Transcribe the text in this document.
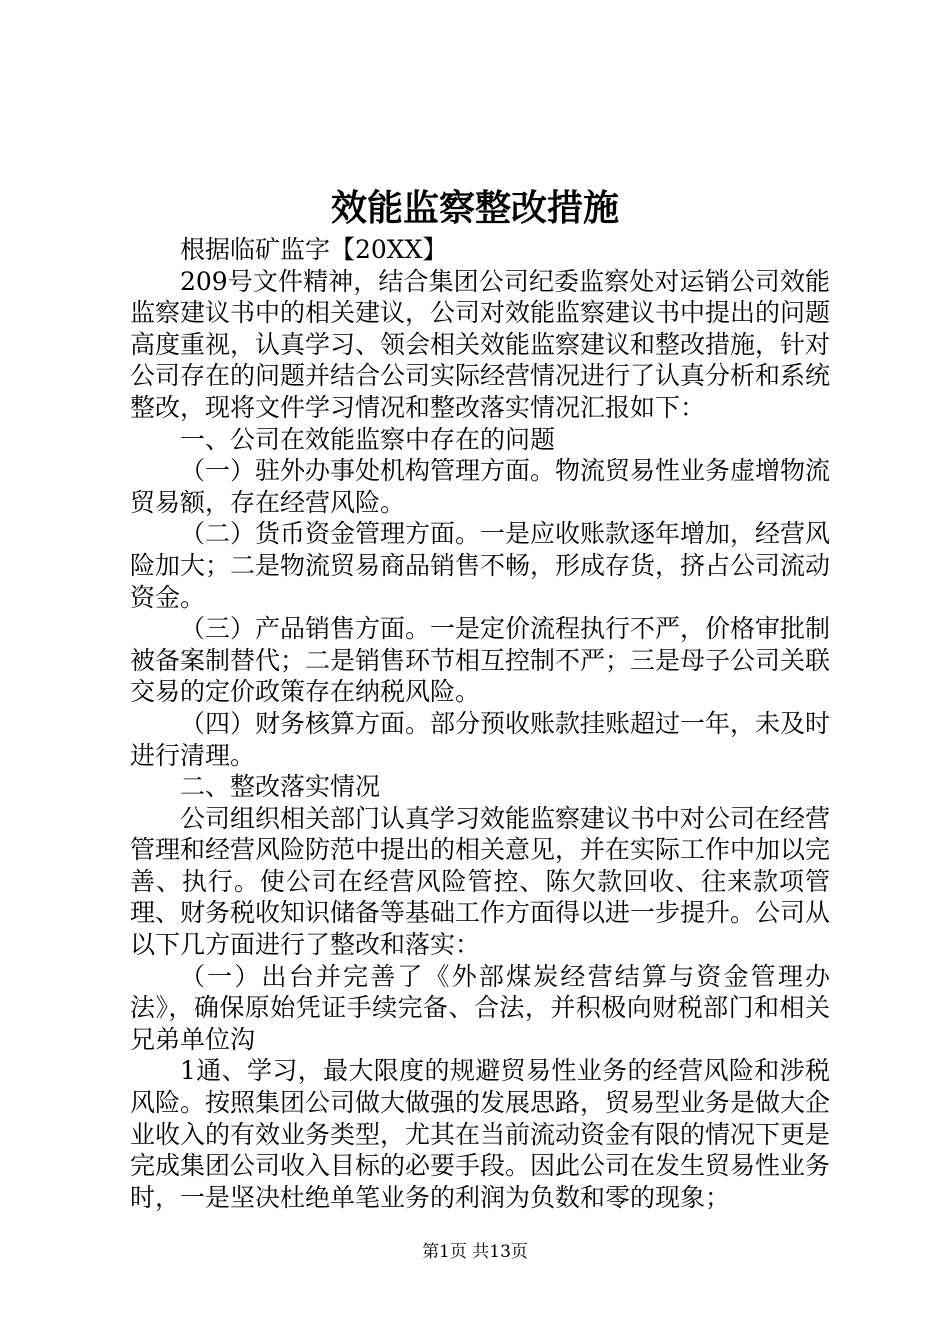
效能监察整改措施

根据临矿监字【20XX】

209号文件精神，结合集团公司纪委监察处对运销公司效能监察建议书中的相关建议，公司对效能监察建议书中提出的问题高度重视，认真学习、领会相关效能监察建议和整改措施，针对公司存在的问题并结合公司实际经营情况进行了认真分析和系统整改，现将文件学习情况和整改落实情况汇报如下：

一、公司在效能监察中存在的问题

（一）驻外办事处机构管理方面。物流贸易性业务虚增物流贸易额，存在经营风险。

（二）货币资金管理方面。一是应收账款逐年增加，经营风险加大；二是物流贸易商品销售不畅，形成存货，挤占公司流动资金。

（三）产品销售方面。一是定价流程执行不严，价格审批制被备案制替代；二是销售环节相互控制不严；三是母子公司关联交易的定价政策存在纳税风险。

（四）财务核算方面。部分预收账款挂账超过一年，未及时进行清理。

二、整改落实情况

公司组织相关部门认真学习效能监察建议书中对公司在经营管理和经营风险防范中提出的相关意见，并在实际工作中加以完善、执行。使公司在经营风险管控、陈欠款回收、往来款项管理、财务税收知识储备等基础工作方面得以进一步提升。公司从以下几方面进行了整改和落实：

（一）出台并完善了《外部煤炭经营结算与资金管理办法》，确保原始凭证手续完备、合法，并积极向财税部门和相关兄弟单位沟

1通、学习，最大限度的规避贸易性业务的经营风险和涉税风险。按照集团公司做大做强的发展思路，贸易型业务是做大企业收入的有效业务类型，尤其在当前流动资金有限的情况下更是完成集团公司收入目标的必要手段。因此公司在发生贸易性业务时，一是坚决杜绝单笔业务的利润为负数和零的现象；

第1页 共13页
